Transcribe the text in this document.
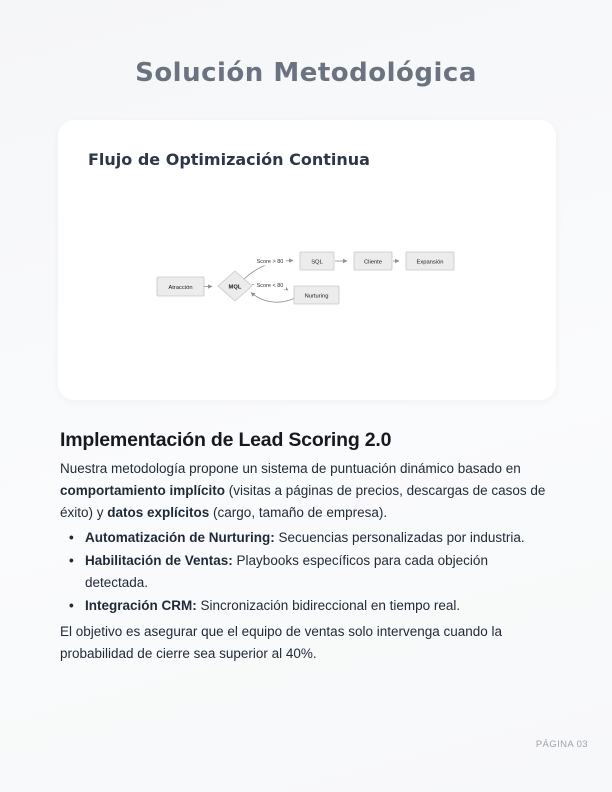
Solución Metodológica
Flujo de Optimización Continua
Score > 80
Score < 80
Atracción	MQL
SQL	Cliente	Expansión
Nurturing
Implementación de Lead Scoring 2.0

Nuestra metodología propone un sistema de puntuación dinámico basado en comportamiento implícito (visitas a páginas de precios, descargas de casos de éxito) y datos explícitos (cargo, tamaño de empresa).

• Automatización de Nurturing: Secuencias personalizadas por industria.
• Habilitación de Ventas: Playbooks específicos para cada objeción detectada.
• Integración CRM: Sincronización bidireccional en tiempo real.

El objetivo es asegurar que el equipo de ventas solo intervenga cuando la probabilidad de cierre sea superior al 40%.

PÁGINA 03
